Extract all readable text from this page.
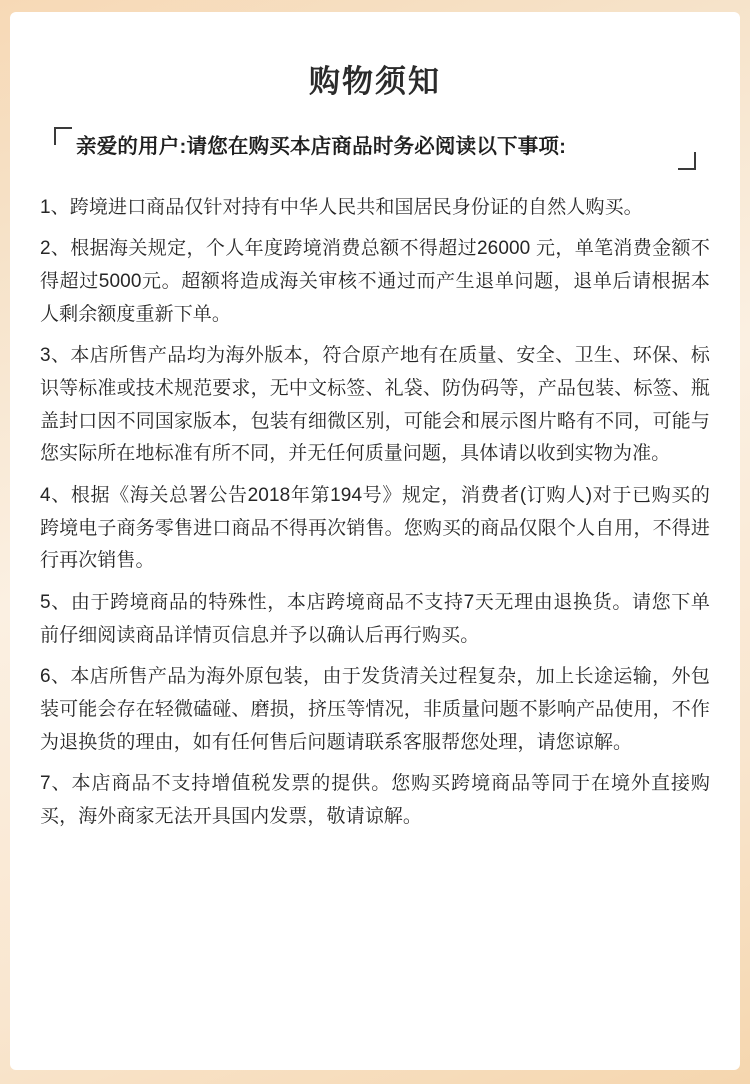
购物须知
亲爱的用户:请您在购买本店商品时务必阅读以下事项:

1、跨境进口商品仅针对持有中华人民共和国居民身份证的自然人购买。

2、根据海关规定，个人年度跨境消费总额不得超过26000 元，单笔消费金额不得超过5000元。超额将造成海关审核不通过而产生退单问题，退单后请根据本人剩余额度重新下单。

3、本店所售产品均为海外版本，符合原产地有在质量、安全、卫生、环保、标识等标准或技术规范要求，无中文标签、礼袋、防伪码等，产品包装、标签、瓶盖封口因不同国家版本，包装有细微区别，可能会和展示图片略有不同，可能与您实际所在地标准有所不同，并无任何质量问题，具体请以收到实物为准。

4、根据《海关总署公告2018年第194号》规定，消费者(订购人)对于已购买的跨境电子商务零售进口商品不得再次销售。您购买的商品仅限个人自用，不得进行再次销售。

5、由于跨境商品的特殊性，本店跨境商品不支持7天无理由退换货。请您下单前仔细阅读商品详情页信息并予以确认后再行购买。

6、本店所售产品为海外原包装，由于发货清关过程复杂，加上长途运输，外包装可能会存在轻微磕碰、磨损，挤压等情况，非质量问题不影响产品使用，不作为退换货的理由，如有任何售后问题请联系客服帮您处理，请您谅解。

7、本店商品不支持增值税发票的提供。您购买跨境商品等同于在境外直接购买，海外商家无法开具国内发票，敬请谅解。
